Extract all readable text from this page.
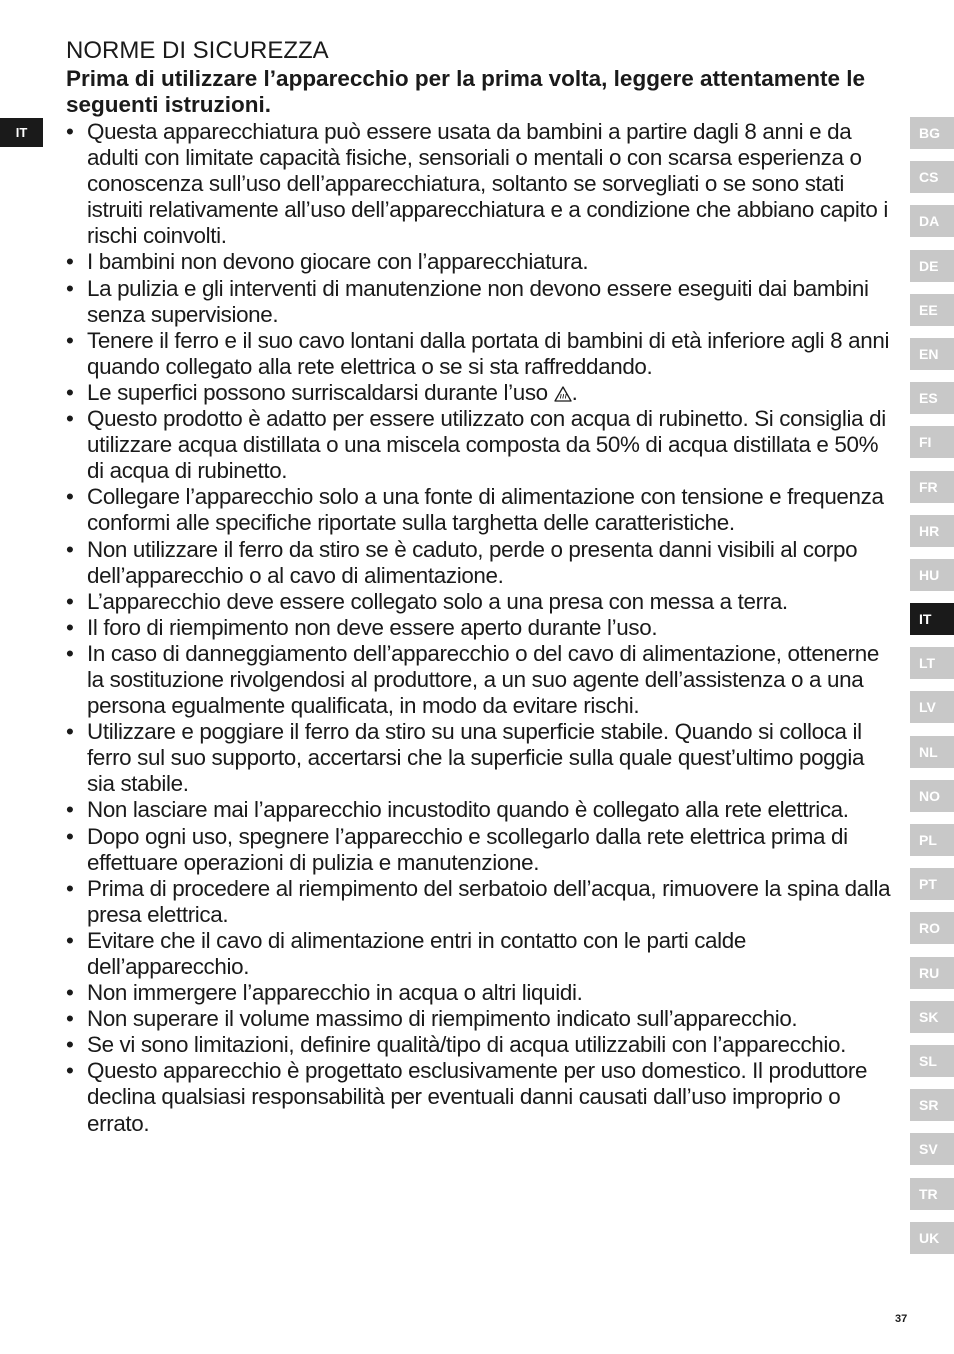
IT
NORME DI SICUREZZA

Prima di utilizzare l’apparecchio per la prima volta, leggere attentamente le seguenti istruzioni.

• Questa apparecchiatura può essere usata da bambini a partire dagli 8 anni e da adulti con limitate capacità fisiche, sensoriali o mentali o con scarsa esperienza o conoscenza sull’uso dell’apparecchiatura, soltanto se sorvegliati o se sono stati istruiti relativamente all’uso dell’apparecchiatura e a condizione che abbiano capito i rischi coinvolti.
• I bambini non devono giocare con l’apparecchiatura.
• La pulizia e gli interventi di manutenzione non devono essere eseguiti dai bambini senza supervisione.
• Tenere il ferro e il suo cavo lontani dalla portata di bambini di età inferiore agli 8 anni quando collegato alla rete elettrica o se si sta raffreddando.
• Le superfici possono surriscaldarsi durante l’uso .
• Questo prodotto è adatto per essere utilizzato con acqua di rubinetto. Si consiglia di utilizzare acqua distillata o una miscela composta da 50% di acqua distillata e 50% di acqua di rubinetto.
• Collegare l’apparecchio solo a una fonte di alimentazione con tensione e frequenza conformi alle specifiche riportate sulla targhetta delle caratteristiche.
• Non utilizzare il ferro da stiro se è caduto, perde o presenta danni visibili al corpo dell’apparecchio o al cavo di alimentazione.
• L’apparecchio deve essere collegato solo a una presa con messa a terra.
• Il foro di riempimento non deve essere aperto durante l’uso.
• In caso di danneggiamento dell’apparecchio o del cavo di alimentazione, ottenerne la sostituzione rivolgendosi al produttore, a un suo agente dell’assistenza o a una persona egualmente qualificata, in modo da evitare rischi.
• Utilizzare e poggiare il ferro da stiro su una superficie stabile. Quando si colloca il ferro sul suo supporto, accertarsi che la superficie sulla quale quest’ultimo poggia sia stabile.
• Non lasciare mai l’apparecchio incustodito quando è collegato alla rete elettrica.
• Dopo ogni uso, spegnere l’apparecchio e scollegarlo dalla rete elettrica prima di effettuare operazioni di pulizia e manutenzione.
• Prima di procedere al riempimento del serbatoio dell’acqua, rimuovere la spina dalla presa elettrica.
• Evitare che il cavo di alimentazione entri in contatto con le parti calde dell’apparecchio.
• Non immergere l’apparecchio in acqua o altri liquidi.
• Non superare il volume massimo di riempimento indicato sull’apparecchio.
• Se vi sono limitazioni, definire qualità/tipo di acqua utilizzabili con l’apparecchio.
• Questo apparecchio è progettato esclusivamente per uso domestico. Il produttore declina qualsiasi responsabilità per eventuali danni causati dall’uso improprio o errato.
BG
CS
DA
DE
EE
EN
ES
FI
FR
HR
HU
IT
LT
LV
NL
NO
PL
PT
RO
RU
SK
SL
SR
SV
TR
UK
37
